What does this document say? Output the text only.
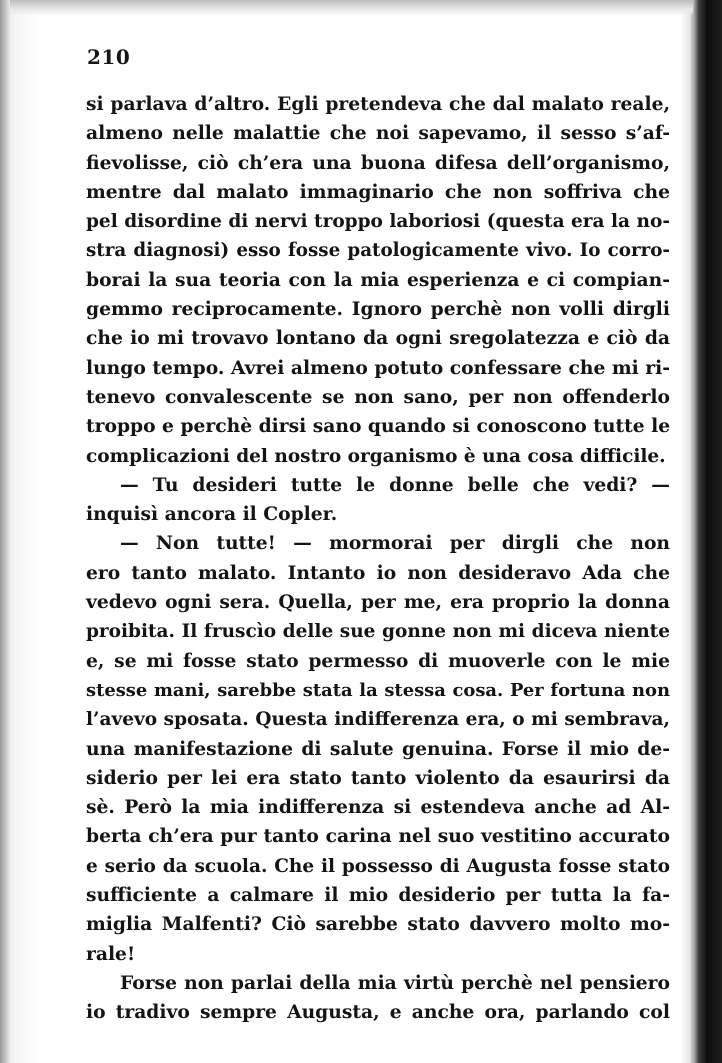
210
si parlava d’altro. Egli pretendeva che dal malato reale,
almeno nelle malattie che noi sapevamo, il sesso s’af-
fievolisse, ciò ch’era una buona difesa dell’organismo,
mentre dal malato immaginario che non soffriva che
pel disordine di nervi troppo laboriosi (questa era la no-
stra diagnosi) esso fosse patologicamente vivo. Io corro-
borai la sua teoria con la mia esperienza e ci compian-
gemmo reciprocamente. Ignoro perchè non volli dirgli
che io mi trovavo lontano da ogni sregolatezza e ciò da
lungo tempo. Avrei almeno potuto confessare che mi ri-
tenevo convalescente se non sano, per non offenderlo
troppo e perchè dirsi sano quando si conoscono tutte le
complicazioni del nostro organismo è una cosa difficile.
— Tu desideri tutte le donne belle che vedi? —
inquisì ancora il Copler.
— Non tutte! — mormorai per dirgli che non
ero tanto malato. Intanto io non desideravo Ada che
vedevo ogni sera. Quella, per me, era proprio la donna
proibita. Il fruscìo delle sue gonne non mi diceva niente
e, se mi fosse stato permesso di muoverle con le mie
stesse mani, sarebbe stata la stessa cosa. Per fortuna non
l’avevo sposata. Questa indifferenza era, o mi sembrava,
una manifestazione di salute genuina. Forse il mio de-
siderio per lei era stato tanto violento da esaurirsi da
sè. Però la mia indifferenza si estendeva anche ad Al-
berta ch’era pur tanto carina nel suo vestitino accurato
e serio da scuola. Che il possesso di Augusta fosse stato
sufficiente a calmare il mio desiderio per tutta la fa-
miglia Malfenti? Ciò sarebbe stato davvero molto mo-
rale!
Forse non parlai della mia virtù perchè nel pensiero
io tradivo sempre Augusta, e anche ora, parlando col
